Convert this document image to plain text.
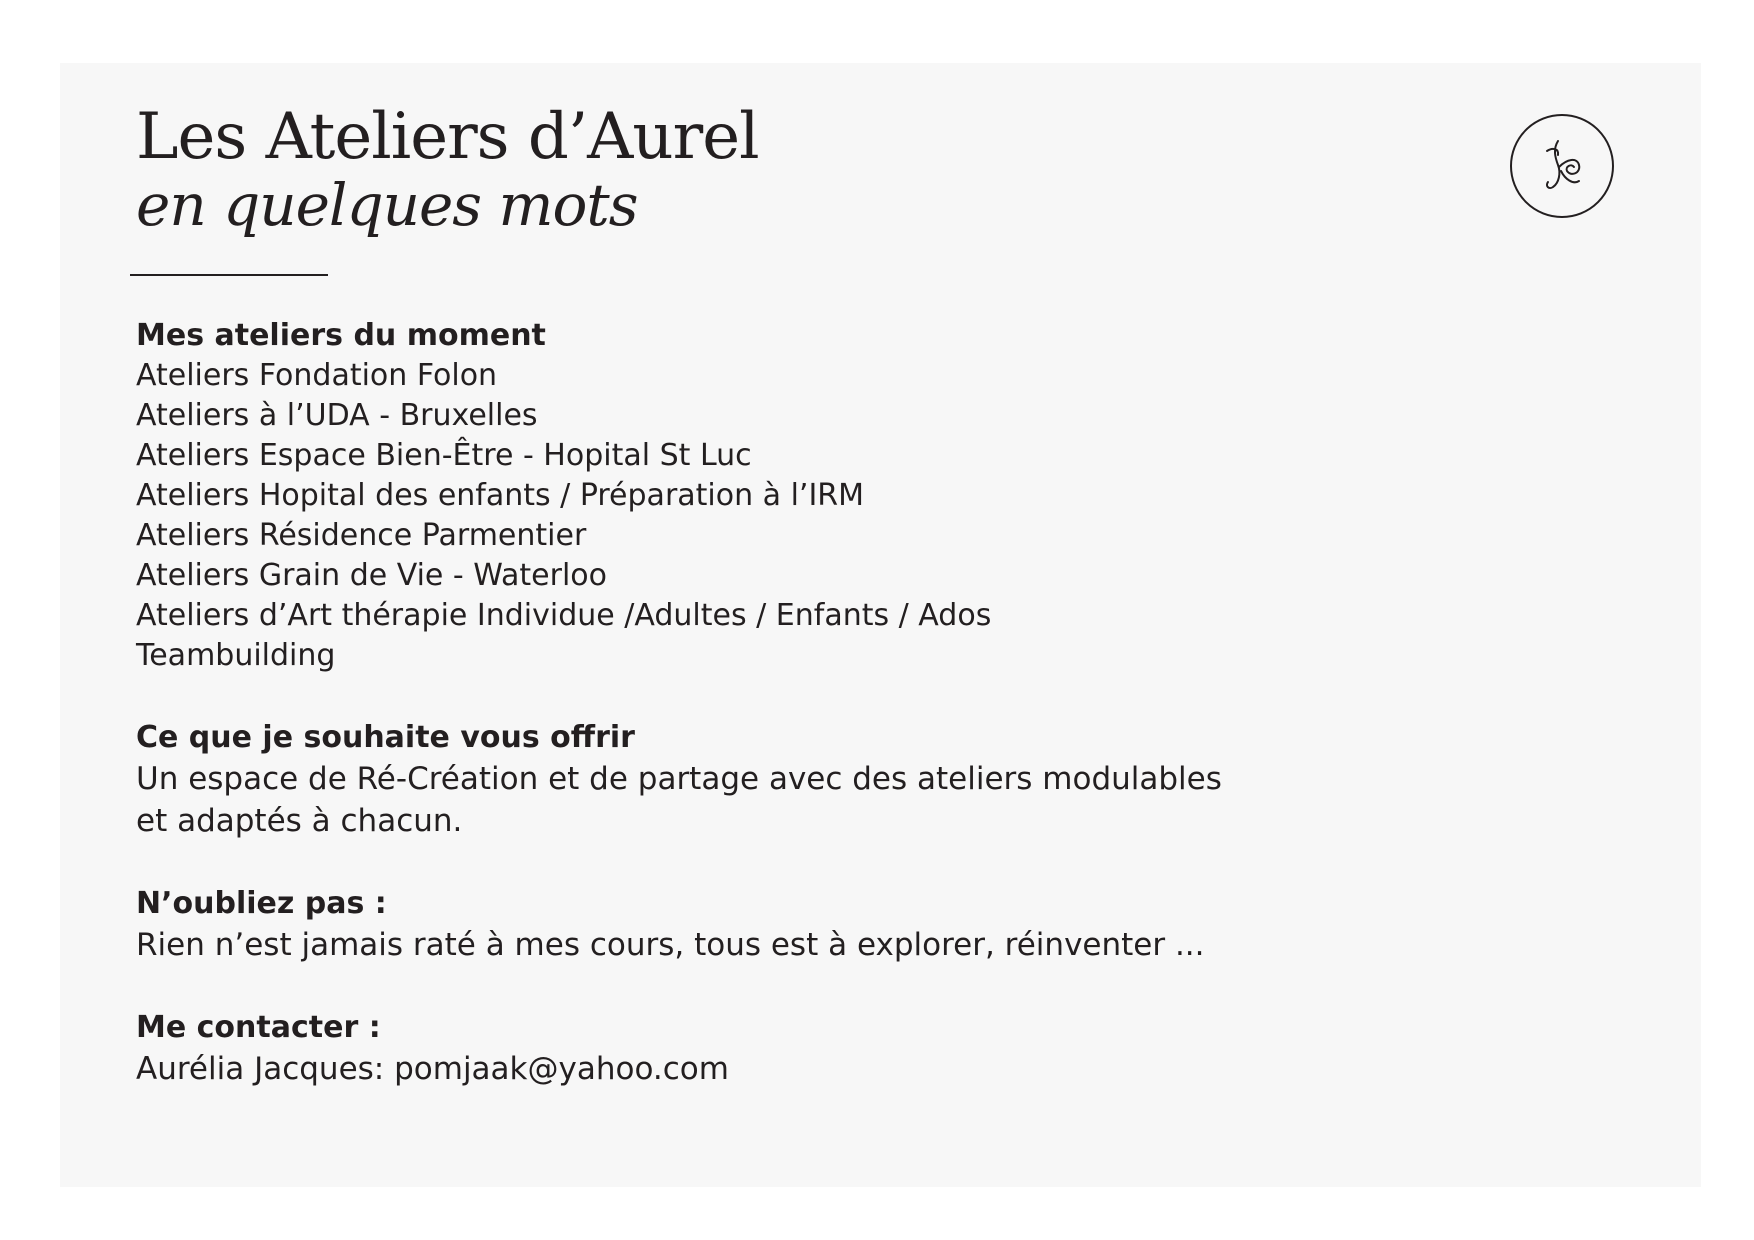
Les Ateliers d’Aurel
en quelques mots
Mes ateliers du moment
Ateliers Fondation Folon
Ateliers à l’UDA - Bruxelles
Ateliers Espace Bien-Être - Hopital St Luc
Ateliers Hopital des enfants / Préparation à l’IRM
Ateliers Résidence Parmentier
Ateliers Grain de Vie - Waterloo
Ateliers d’Art thérapie Individue /Adultes / Enfants / Ados
Teambuilding
Ce que je souhaite vous offrir
Un espace de Ré-Création et de partage avec des ateliers modulables
et adaptés à chacun.
N’oubliez pas :
Rien n’est jamais raté à mes cours, tous est à explorer, réinventer ...
Me contacter :
Aurélia Jacques: pomjaak@yahoo.com
